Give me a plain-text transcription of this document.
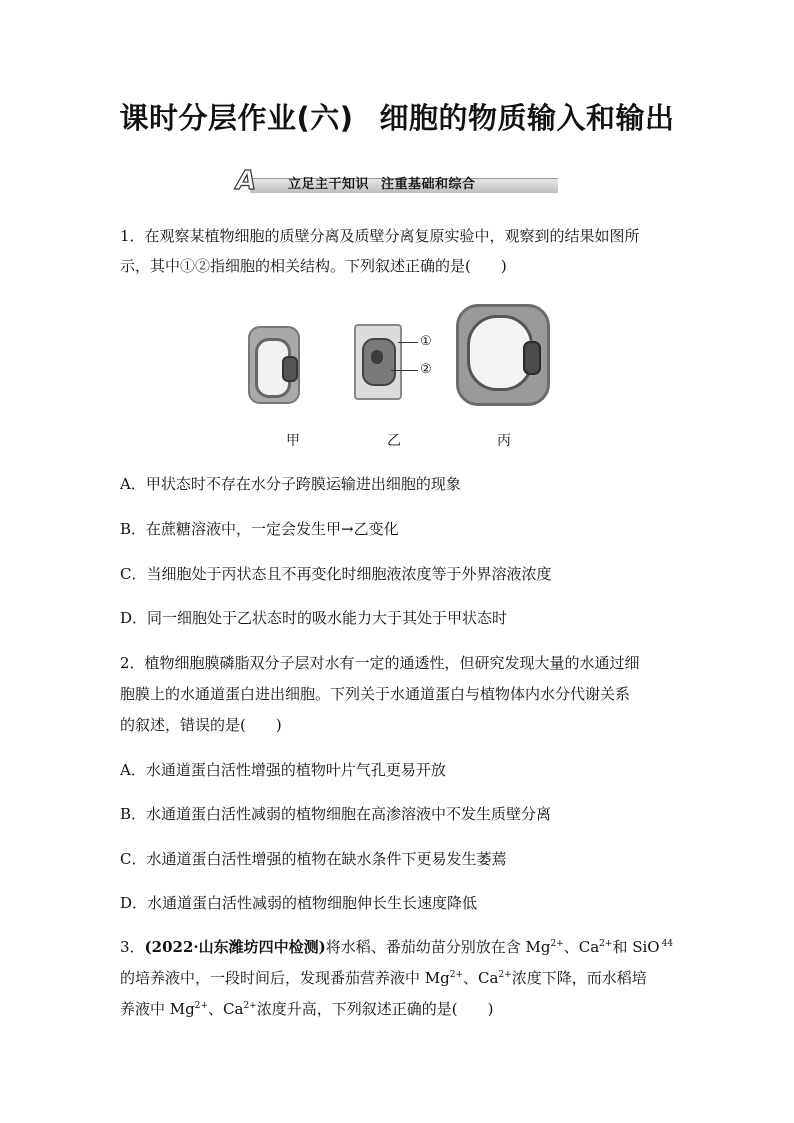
课时分层作业(六) 细胞的物质输入和输出
A 立足主干知识 注重基础和综合
1．在观察某植物细胞的质壁分离及质壁分离复原实验中，观察到的结果如图所
示，其中①②指细胞的相关结构。下列叙述正确的是(　　)
①
②
甲	乙	丙
A．甲状态时不存在水分子跨膜运输进出细胞的现象
B．在蔗糖溶液中，一定会发生甲→乙变化
C．当细胞处于丙状态且不再变化时细胞液浓度等于外界溶液浓度
D．同一细胞处于乙状态时的吸水能力大于其处于甲状态时
2．植物细胞膜磷脂双分子层对水有一定的通透性，但研究发现大量的水通过细
胞膜上的水通道蛋白进出细胞。下列关于水通道蛋白与植物体内水分代谢关系
的叙述，错误的是(　　)
A．水通道蛋白活性增强的植物叶片气孔更易开放
B．水通道蛋白活性减弱的植物细胞在高渗溶液中不发生质壁分离
C．水通道蛋白活性增强的植物在缺水条件下更易发生萎蔫
D．水通道蛋白活性减弱的植物细胞伸长生长速度降低
3．(2022·山东潍坊四中检测)将水稻、番茄幼苗分别放在含 $Mg^{2+}$、$Ca^{2+}$和 SiO $^{44}$
的培养液中，一段时间后，发现番茄营养液中 $Mg^{2+}$、$Ca^{2+}$浓度下降，而水稻培
养液中 $Mg^{2+}$、$Ca^{2+}$浓度升高，下列叙述正确的是(　　)
